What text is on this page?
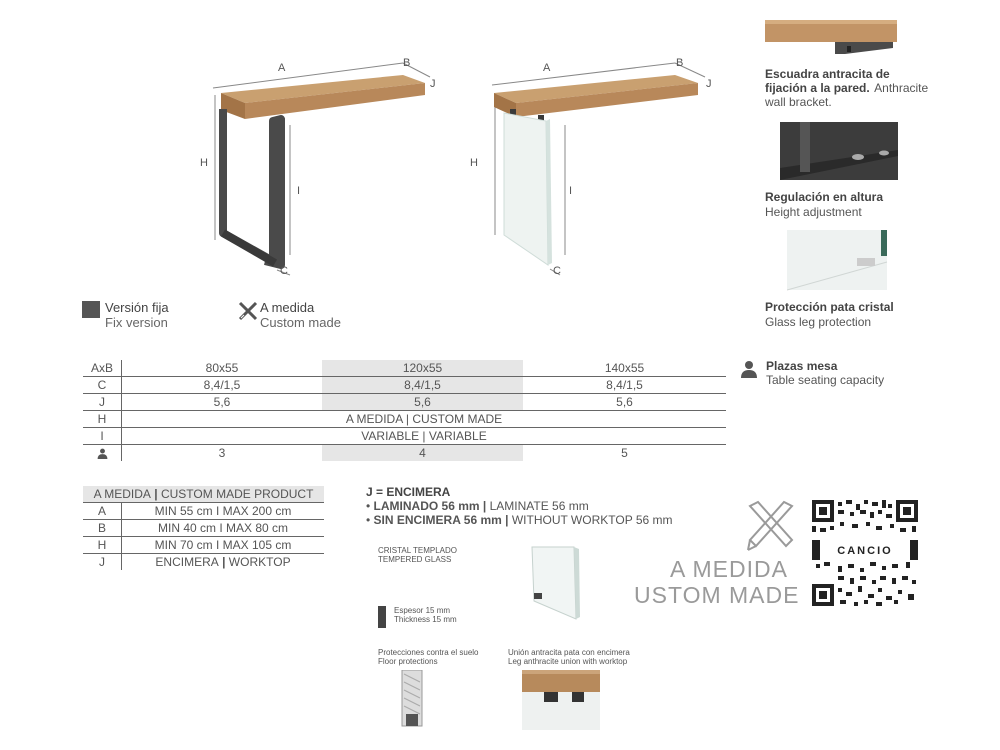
A	B
J
H
I
C
A	B
J
H
I
C
Escuadra antracita de fijación a la pared. Anthracite wall bracket.
Regulación en altura
Height adjustment
Protección pata cristal
Glass leg protection
Versión fija
Fix version
A medida
Custom made
Plazas mesa
Table seating capacity
AxB	80x55	120x55	140x55
C	8,4/1,5	8,4/1,5	8,4/1,5
J	5,6	5,6	5,6
H	A MEDIDA | CUSTOM MADE		
I	VARIABLE | VARIABLE		
	3	4	5
A MEDIDA | CUSTOM MADE PRODUCT	
A	MIN 55 cm I MAX 200 cm
B	MIN 40 cm I MAX 80 cm
H	MIN 70 cm I MAX 105 cm
J	ENCIMERA | WORKTOP
J = ENCIMERA
• LAMINADO 56 mm | LAMINATE 56 mm
• SIN ENCIMERA 56 mm | WITHOUT WORKTOP 56 mm
CRISTAL TEMPLADO
TEMPERED GLASS
Espesor 15 mm
Thickness 15 mm
Protecciones contra el suelo
Floor protections
Unión antracita pata con encimera
Leg anthracite union with worktop
A MEDIDA
USTOM MADE
CANCIO
